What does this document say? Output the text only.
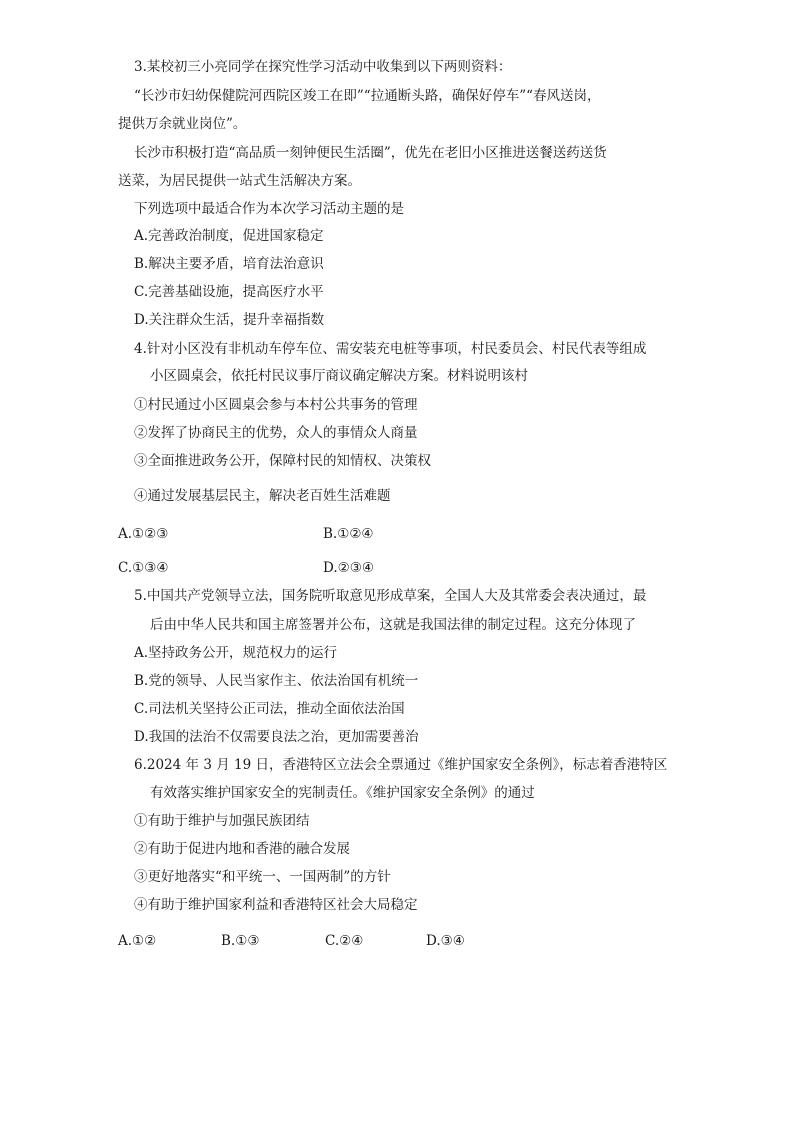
3.某校初三小亮同学在探究性学习活动中收集到以下两则资料：
“长沙市妇幼保健院河西院区竣工在即”“拉通断头路，确保好停车”“春风送岗，
提供万余就业岗位”。
长沙市积极打造“高品质一刻钟便民生活圈”，优先在老旧小区推进送餐送药送货
送菜，为居民提供一站式生活解决方案。
下列选项中最适合作为本次学习活动主题的是
A.完善政治制度，促进国家稳定
B.解决主要矛盾，培育法治意识
C.完善基础设施，提高医疗水平
D.关注群众生活，提升幸福指数
4.针对小区没有非机动车停车位、需安装充电桩等事项，村民委员会、村民代表等组成
小区圆桌会，依托村民议事厅商议确定解决方案。材料说明该村
①村民通过小区圆桌会参与本村公共事务的管理
②发挥了协商民主的优势，众人的事情众人商量
③全面推进政务公开，保障村民的知情权、决策权
④通过发展基层民主，解决老百姓生活难题
A.①②③	B.①②④
C.①③④	D.②③④
5.中国共产党领导立法，国务院听取意见形成草案，全国人大及其常委会表决通过，最
后由中华人民共和国主席签署并公布，这就是我国法律的制定过程。这充分体现了
A.坚持政务公开，规范权力的运行
B.党的领导、人民当家作主、依法治国有机统一
C.司法机关坚持公正司法，推动全面依法治国
D.我国的法治不仅需要良法之治，更加需要善治
6.2024 年 3 月 19 日，香港特区立法会全票通过《维护国家安全条例》，标志着香港特区
有效落实维护国家安全的宪制责任。《维护国家安全条例》的通过
①有助于维护与加强民族团结
②有助于促进内地和香港的融合发展
③更好地落实“和平统一、一国两制”的方针
④有助于维护国家利益和香港特区社会大局稳定
A.①②	B.①③	C.②④	D.③④
